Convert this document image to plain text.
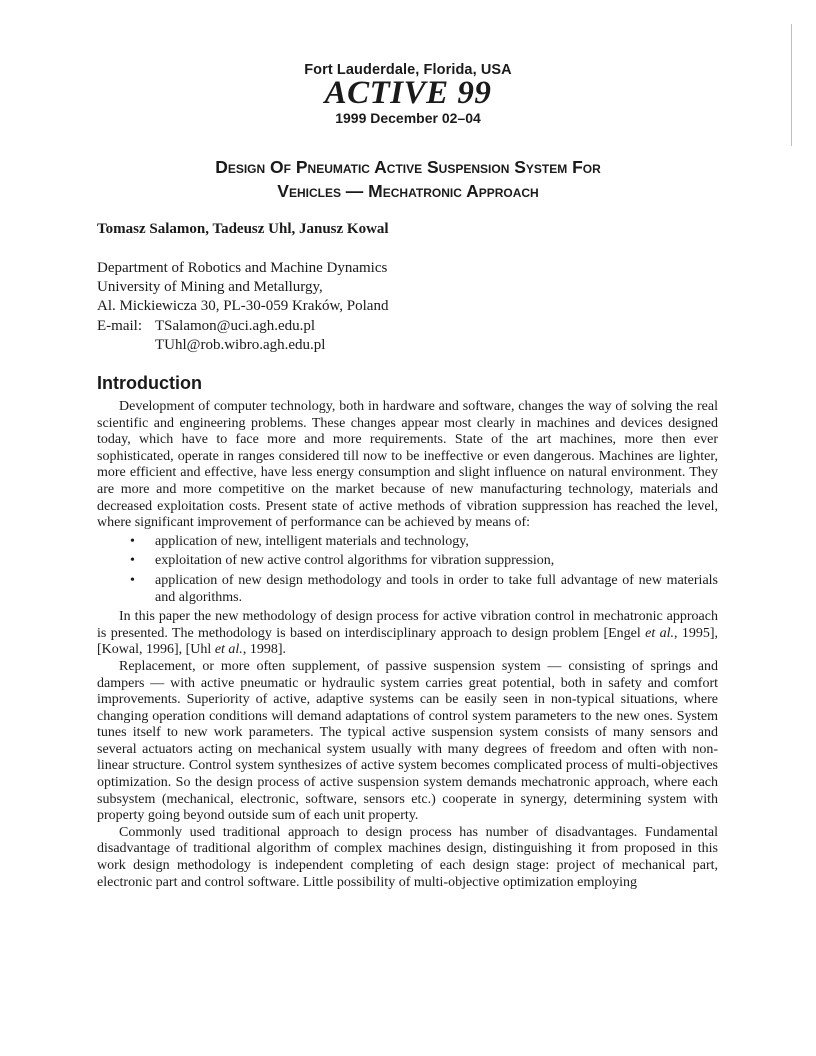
Fort Lauderdale, Florida, USA
ACTIVE 99
1999 December 02–04
Design Of Pneumatic Active Suspension System For
Vehicles — Mechatronic Approach
Tomasz Salamon, Tadeusz Uhl, Janusz Kowal
Department of Robotics and Machine Dynamics
University of Mining and Metallurgy,
Al. Mickiewicza 30, PL-30-059 Kraków, Poland
E-mail: TSalamon@uci.agh.edu.pl
TUhl@rob.wibro.agh.edu.pl
Introduction

Development of computer technology, both in hardware and software, changes the way of solving the real scientific and engineering problems. These changes appear most clearly in machines and devices designed today, which have to face more and more requirements. State of the art machines, more then ever sophisticated, operate in ranges considered till now to be ineffective or even dangerous. Machines are lighter, more efficient and effective, have less energy consumption and slight influence on natural environment. They are more and more competitive on the market because of new manufacturing technology, materials and decreased exploitation costs. Present state of active methods of vibration suppression has reached the level, where significant improvement of performance can be achieved by means of:

• application of new, intelligent materials and technology,
• exploitation of new active control algorithms for vibration suppression,
• application of new design methodology and tools in order to take full advantage of new materials and algorithms.

In this paper the new methodology of design process for active vibration control in mechatronic approach is presented. The methodology is based on interdisciplinary approach to design problem [Engel et al., 1995], [Kowal, 1996], [Uhl et al., 1998].

Replacement, or more often supplement, of passive suspension system — consisting of springs and dampers — with active pneumatic or hydraulic system carries great potential, both in safety and comfort improvements. Superiority of active, adaptive systems can be easily seen in non-typical situations, where changing operation conditions will demand adaptations of control system parameters to the new ones. System tunes itself to new work parameters. The typical active suspension system consists of many sensors and several actuators acting on mechanical system usually with many degrees of freedom and often with non-linear structure. Control system synthesizes of active system becomes complicated process of multi-objectives optimization. So the design process of active suspension system demands mechatronic approach, where each subsystem (mechanical, electronic, software, sensors etc.) cooperate in synergy, determining system with property going beyond outside sum of each unit property.

Commonly used traditional approach to design process has number of disadvantages. Fundamental disadvantage of traditional algorithm of complex machines design, distinguishing it from proposed in this work design methodology is independent completing of each design stage: project of mechanical part, electronic part and control software. Little possibility of multi-objective optimization employing
